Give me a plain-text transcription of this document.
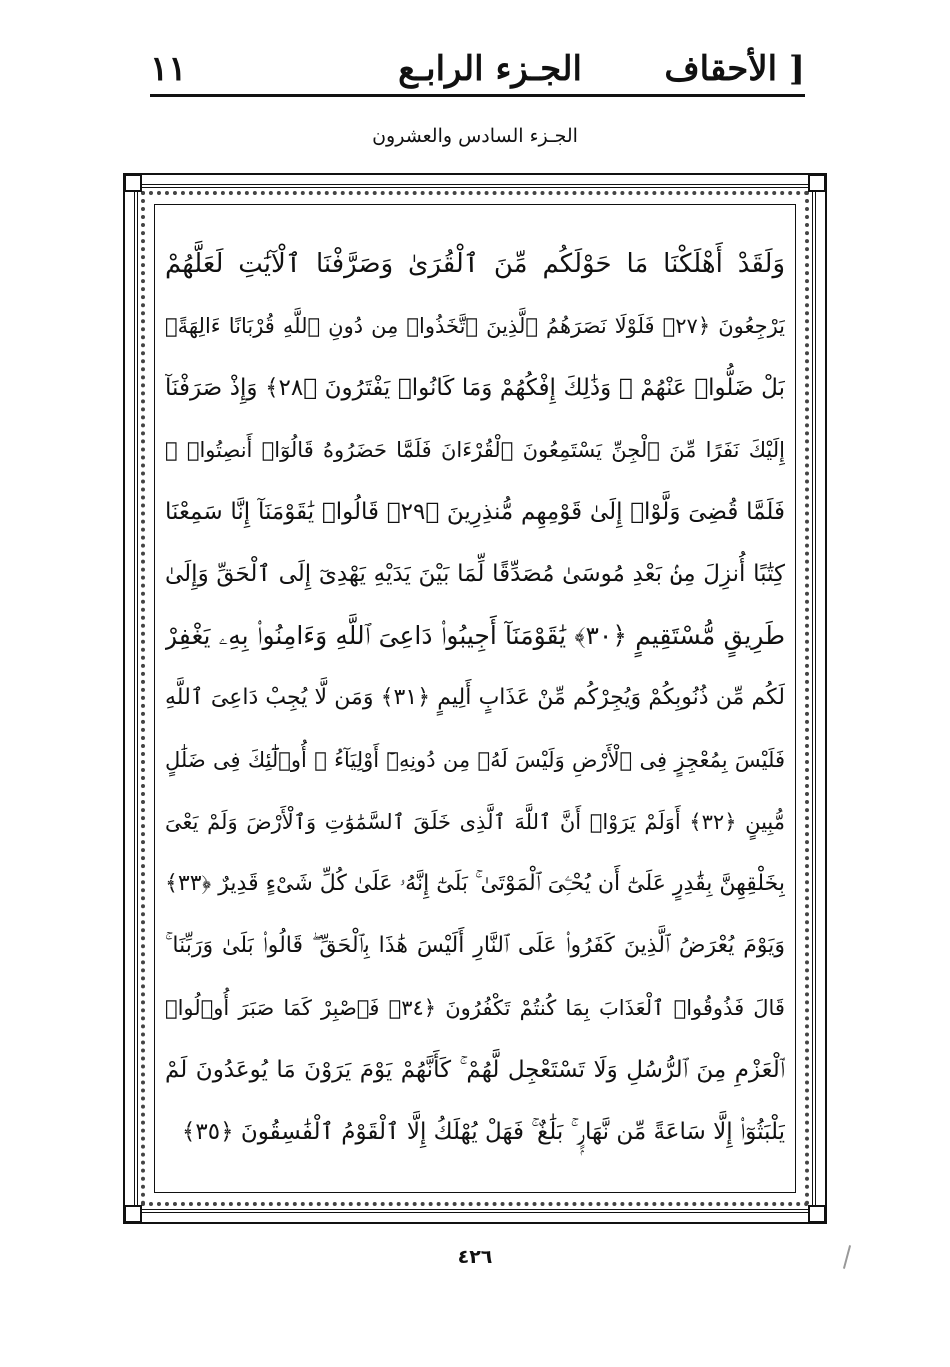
الأحقاف ]
الجـزء الرابـع
١١
الجـزء السادس والعشرون
وَلَقَدْ أَهْلَكْنَا مَا حَوْلَكُم مِّنَ ٱلْقُرَىٰ وَصَرَّفْنَا ٱلْآيَٰتِ لَعَلَّهُمْ
يَرْجِعُونَ ﴿٢٧﴾ فَلَوْلَا نَصَرَهُمُ ٱلَّذِينَ ٱتَّخَذُوا۟ مِن دُونِ ٱللَّهِ قُرْبَانًا ءَالِهَةًۢ
بَلْ ضَلُّوا۟ عَنْهُمْ ۚ وَذَٰلِكَ إِفْكُهُمْ وَمَا كَانُوا۟ يَفْتَرُونَ ﴿٢٨﴾ وَإِذْ صَرَفْنَآ
إِلَيْكَ نَفَرًا مِّنَ ٱلْجِنِّ يَسْتَمِعُونَ ٱلْقُرْءَانَ فَلَمَّا حَضَرُوهُ قَالُوٓا۟ أَنصِتُوا۟ ۖ
فَلَمَّا قُضِىَ وَلَّوْا۟ إِلَىٰ قَوْمِهِم مُّنذِرِينَ ﴿٢٩﴾ قَالُوا۟ يَٰقَوْمَنَآ إِنَّا سَمِعْنَا
كِتَٰبًا أُنزِلَ مِنۢ بَعْدِ مُوسَىٰ مُصَدِّقًا لِّمَا بَيْنَ يَدَيْهِ يَهْدِىٓ إِلَى ٱلْحَقِّ وَإِلَىٰ
طَرِيقٍ مُّسْتَقِيمٍ ﴿٣٠﴾ يَٰقَوْمَنَآ أَجِيبُوا۟ دَاعِىَ ٱللَّهِ وَءَامِنُوا۟ بِهِۦ يَغْفِرْ
لَكُم مِّن ذُنُوبِكُمْ وَيُجِرْكُم مِّنْ عَذَابٍ أَلِيمٍ ﴿٣١﴾ وَمَن لَّا يُجِبْ دَاعِىَ ٱللَّهِ
فَلَيْسَ بِمُعْجِزٍ فِى ٱلْأَرْضِ وَلَيْسَ لَهُۥ مِن دُونِهِۦٓ أَوْلِيَآءُ ۚ أُو۟لَٰٓئِكَ فِى ضَلَٰلٍ
مُّبِينٍ ﴿٣٢﴾ أَوَلَمْ يَرَوْا۟ أَنَّ ٱللَّهَ ٱلَّذِى خَلَقَ ٱلسَّمَٰوَٰتِ وَٱلْأَرْضَ وَلَمْ يَعْىَ
بِخَلْقِهِنَّ بِقَٰدِرٍ عَلَىٰٓ أَن يُحْـِۧىَ ٱلْمَوْتَىٰ ۚ بَلَىٰٓ إِنَّهُۥ عَلَىٰ كُلِّ شَىْءٍ قَدِيرٌ ﴿٣٣﴾
وَيَوْمَ يُعْرَضُ ٱلَّذِينَ كَفَرُوا۟ عَلَى ٱلنَّارِ أَلَيْسَ هَٰذَا بِٱلْحَقِّ ۖ قَالُوا۟ بَلَىٰ وَرَبِّنَا ۚ
قَالَ فَذُوقُوا۟ ٱلْعَذَابَ بِمَا كُنتُمْ تَكْفُرُونَ ﴿٣٤﴾ فَٱصْبِرْ كَمَا صَبَرَ أُو۟لُوا۟
ٱلْعَزْمِ مِنَ ٱلرُّسُلِ وَلَا تَسْتَعْجِل لَّهُمْ ۚ كَأَنَّهُمْ يَوْمَ يَرَوْنَ مَا يُوعَدُونَ لَمْ
يَلْبَثُوٓا۟ إِلَّا سَاعَةً مِّن نَّهَارٍۭ ۚ بَلَٰغٌ ۚ فَهَلْ يُهْلَكُ إِلَّا ٱلْقَوْمُ ٱلْفَٰسِقُونَ ﴿٣٥﴾
٤٢٦
